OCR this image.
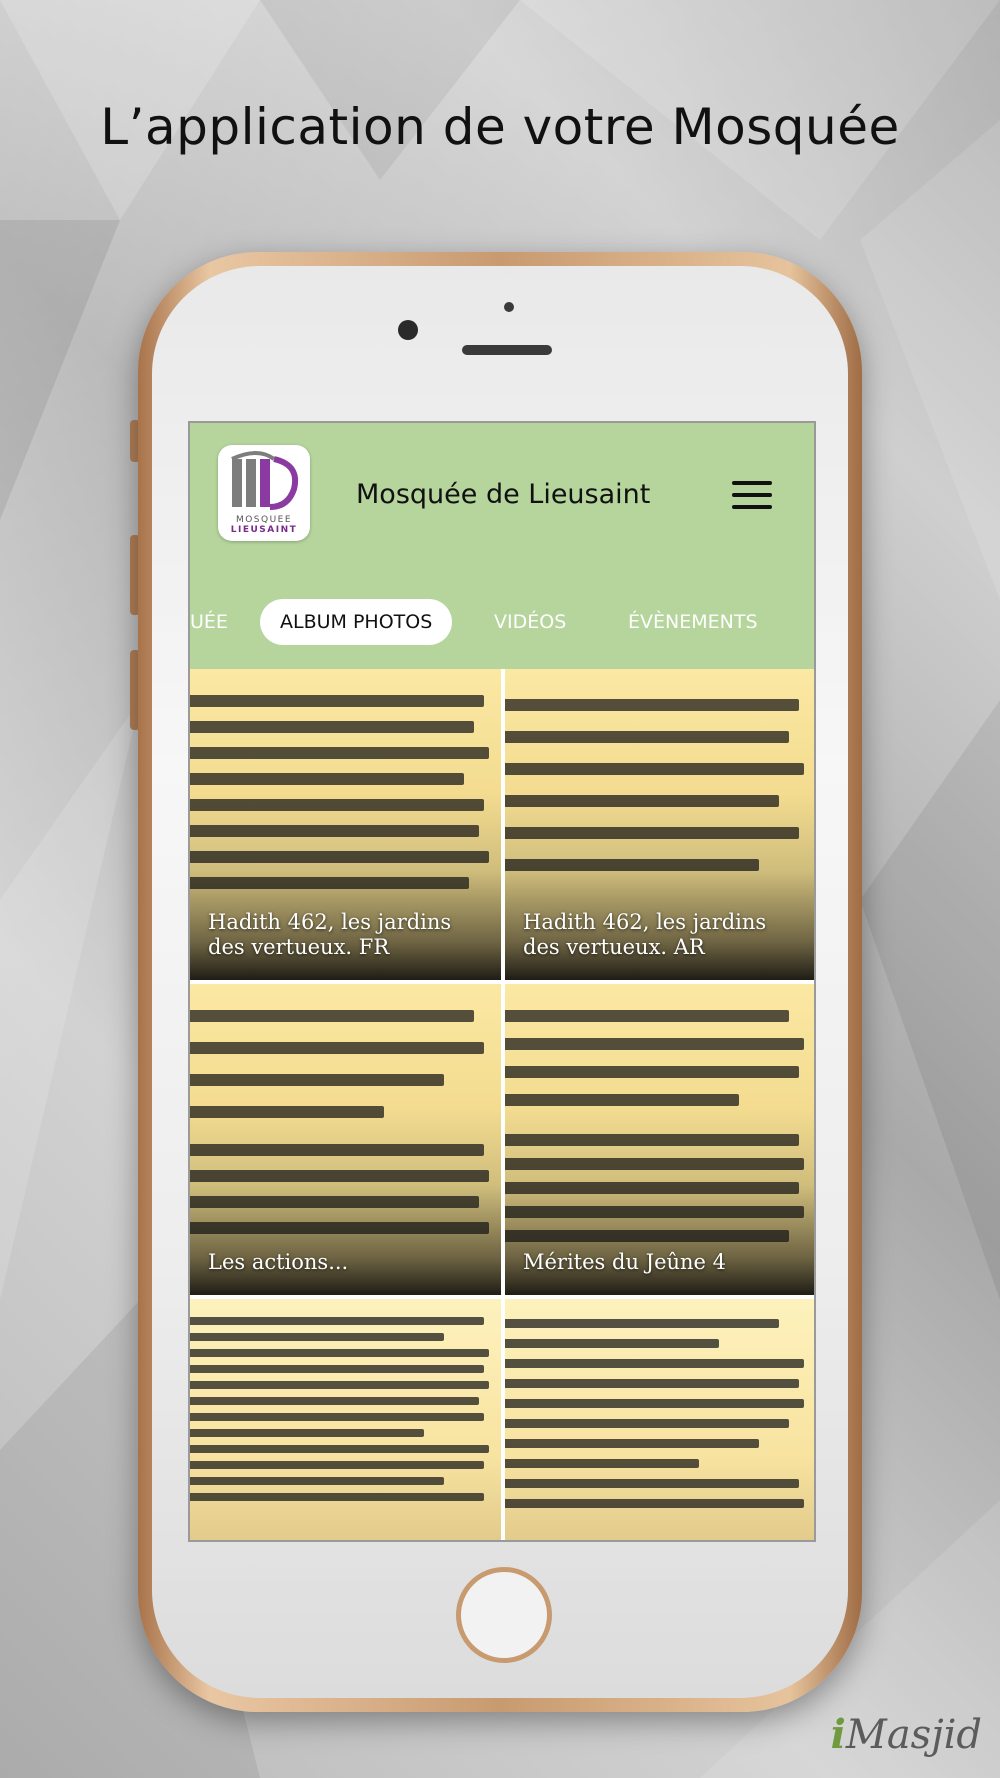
L’application de votre Mosquée
MOSQUEE
LIEUSAINT
Mosquée de Lieusaint
UÉE	ALBUM PHOTOS	VIDÉOS	ÉVÈNEMENTS
Hadith 462, les jardins des vertueux. FR
Hadith 462, les jardins des vertueux. AR
Les actions...	Mérites du Jeûne 4
iMasjid
